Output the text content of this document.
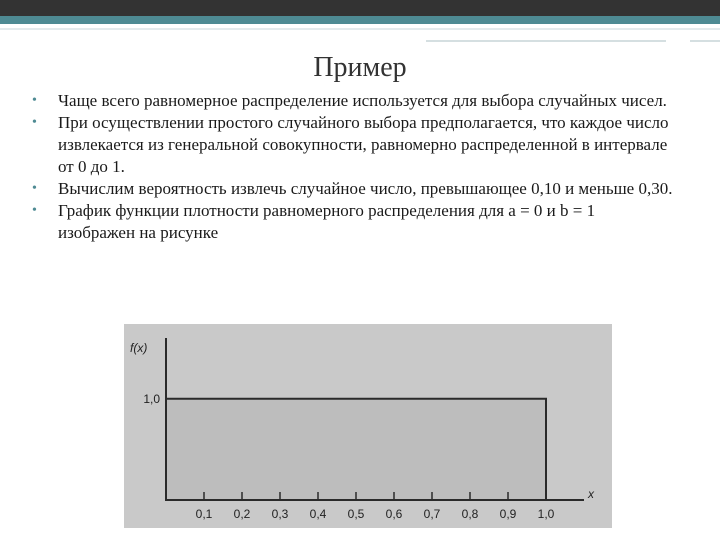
Пример
• Чаще всего равномерное распределение используется для выбора случайных чисел.
• При осуществлении простого случайного выбора предполагается, что каждое число извлекается из генеральной совокупности, равномерно распределенной в интервале от 0 до 1.
• Вычислим вероятность извлечь случайное число, превышающее 0,10 и меньше 0,30.
• График функции плотности равномерного распределения для a = 0 и b = 1 изображен на рисунке
0,1 0,2 0,3 0,4 0,5 0,6 0,7 0,8 0,9 1,0
1,0
f(x)
x
